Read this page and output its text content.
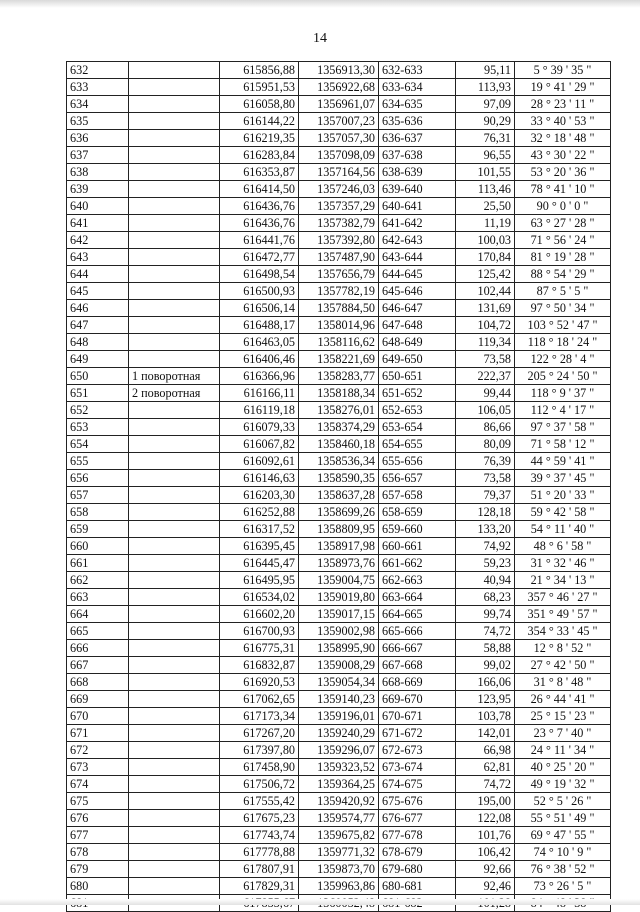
14
632		615856,88	1356913,30	632-633	95,11	5 ° 39 ' 35 "
633		615951,53	1356922,68	633-634	113,93	19 ° 41 ' 29 "
634		616058,80	1356961,07	634-635	97,09	28 ° 23 ' 11 "
635		616144,22	1357007,23	635-636	90,29	33 ° 40 ' 53 "
636		616219,35	1357057,30	636-637	76,31	32 ° 18 ' 48 "
637		616283,84	1357098,09	637-638	96,55	43 ° 30 ' 22 "
638		616353,87	1357164,56	638-639	101,55	53 ° 20 ' 36 "
639		616414,50	1357246,03	639-640	113,46	78 ° 41 ' 10 "
640		616436,76	1357357,29	640-641	25,50	90 ° 0 ' 0 "
641		616436,76	1357382,79	641-642	11,19	63 ° 27 ' 28 "
642		616441,76	1357392,80	642-643	100,03	71 ° 56 ' 24 "
643		616472,77	1357487,90	643-644	170,84	81 ° 19 ' 28 "
644		616498,54	1357656,79	644-645	125,42	88 ° 54 ' 29 "
645		616500,93	1357782,19	645-646	102,44	87 ° 5 ' 5 "
646		616506,14	1357884,50	646-647	131,69	97 ° 50 ' 34 "
647		616488,17	1358014,96	647-648	104,72	103 ° 52 ' 47 "
648		616463,05	1358116,62	648-649	119,34	118 ° 18 ' 24 "
649		616406,46	1358221,69	649-650	73,58	122 ° 28 ' 4 "
650	1 поворотная	616366,96	1358283,77	650-651	222,37	205 ° 24 ' 50 "
651	2 поворотная	616166,11	1358188,34	651-652	99,44	118 ° 9 ' 37 "
652		616119,18	1358276,01	652-653	106,05	112 ° 4 ' 17 "
653		616079,33	1358374,29	653-654	86,66	97 ° 37 ' 58 "
654		616067,82	1358460,18	654-655	80,09	71 ° 58 ' 12 "
655		616092,61	1358536,34	655-656	76,39	44 ° 59 ' 41 "
656		616146,63	1358590,35	656-657	73,58	39 ° 37 ' 45 "
657		616203,30	1358637,28	657-658	79,37	51 ° 20 ' 33 "
658		616252,88	1358699,26	658-659	128,18	59 ° 42 ' 58 "
659		616317,52	1358809,95	659-660	133,20	54 ° 11 ' 40 "
660		616395,45	1358917,98	660-661	74,92	48 ° 6 ' 58 "
661		616445,47	1358973,76	661-662	59,23	31 ° 32 ' 46 "
662		616495,95	1359004,75	662-663	40,94	21 ° 34 ' 13 "
663		616534,02	1359019,80	663-664	68,23	357 ° 46 ' 27 "
664		616602,20	1359017,15	664-665	99,74	351 ° 49 ' 57 "
665		616700,93	1359002,98	665-666	74,72	354 ° 33 ' 45 "
666		616775,31	1358995,90	666-667	58,88	12 ° 8 ' 52 "
667		616832,87	1359008,29	667-668	99,02	27 ° 42 ' 50 "
668		616920,53	1359054,34	668-669	166,06	31 ° 8 ' 48 "
669		617062,65	1359140,23	669-670	123,95	26 ° 44 ' 41 "
670		617173,34	1359196,01	670-671	103,78	25 ° 15 ' 23 "
671		617267,20	1359240,29	671-672	142,01	23 ° 7 ' 40 "
672		617397,80	1359296,07	672-673	66,98	24 ° 11 ' 34 "
673		617458,90	1359323,52	673-674	62,81	40 ° 25 ' 20 "
674		617506,72	1359364,25	674-675	74,72	49 ° 19 ' 32 "
675		617555,42	1359420,92	675-676	195,00	52 ° 5 ' 26 "
676		617675,23	1359574,77	676-677	122,08	55 ° 51 ' 49 "
677		617743,74	1359675,82	677-678	101,76	69 ° 47 ' 55 "
678		617778,88	1359771,32	678-679	106,42	74 ° 10 ' 9 "
679		617807,91	1359873,70	679-680	92,66	76 ° 38 ' 52 "
680		617829,31	1359963,86	680-681	92,46	73 ° 26 ' 5 "
